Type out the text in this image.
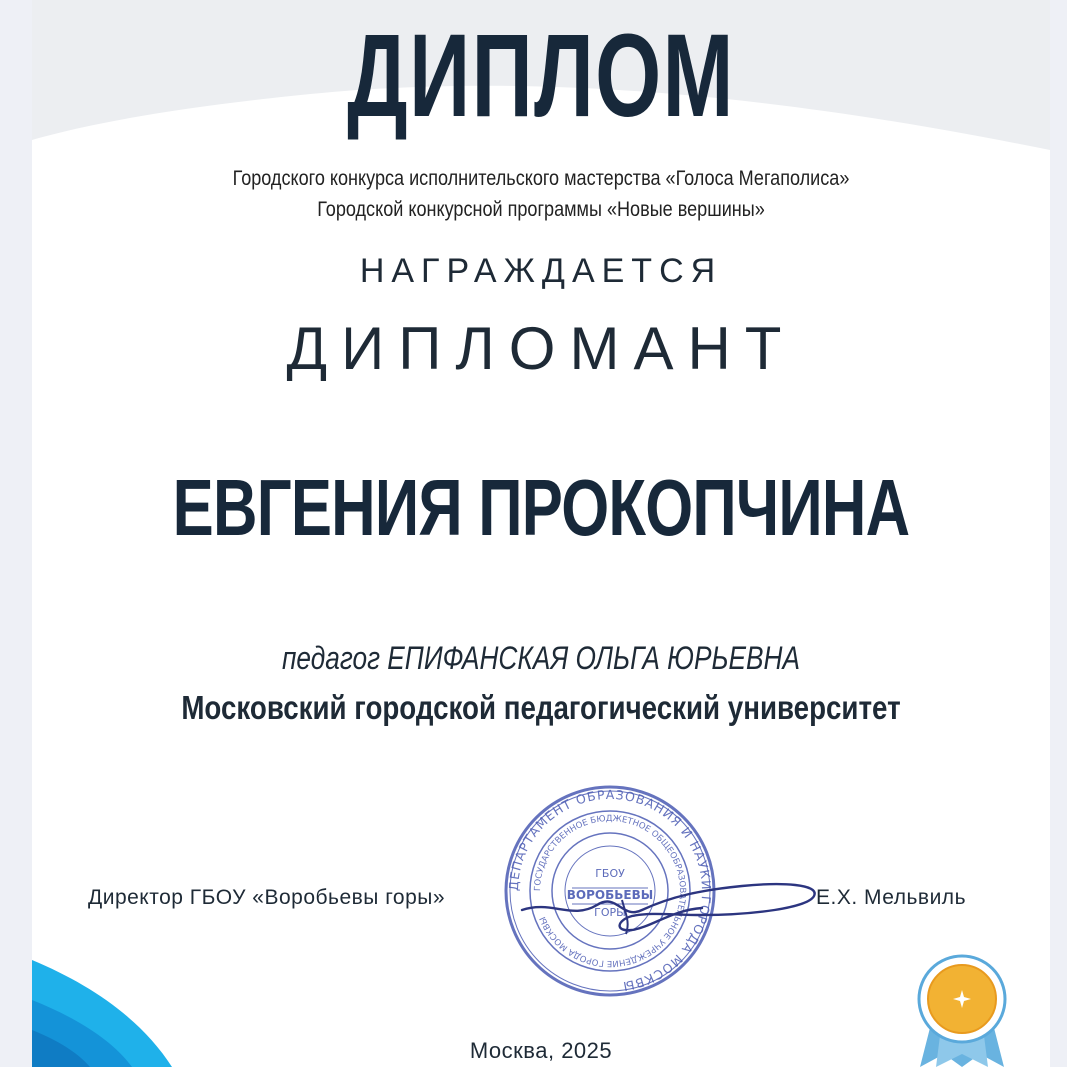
ДИПЛОМ
Городского конкурса исполнительского мастерства «Голоса Мегаполиса»
Городской конкурсной программы «Новые вершины»
НАГРАЖДАЕТСЯ
ДИПЛОМАНТ
ЕВГЕНИЯ ПРОКОПЧИНА
педагог ЕПИФАНСКАЯ ОЛЬГА ЮРЬЕВНА
Московский городской педагогический университет
Директор ГБОУ «Воробьевы горы»	Е.Х. Мельвиль
ДЕПАРТАМЕНТ ОБРАЗОВАНИЯ И НАУКИ ГОРОДА МОСКВЫ
ГОСУДАРСТВЕННОЕ БЮДЖЕТНОЕ ОБЩЕОБРАЗОВАТЕЛЬНОЕ УЧРЕЖДЕНИЕ ГОРОДА МОСКВЫ
ГБОУ
ВОРОБЬЕВЫ
ГОРЫ
Москва, 2025
